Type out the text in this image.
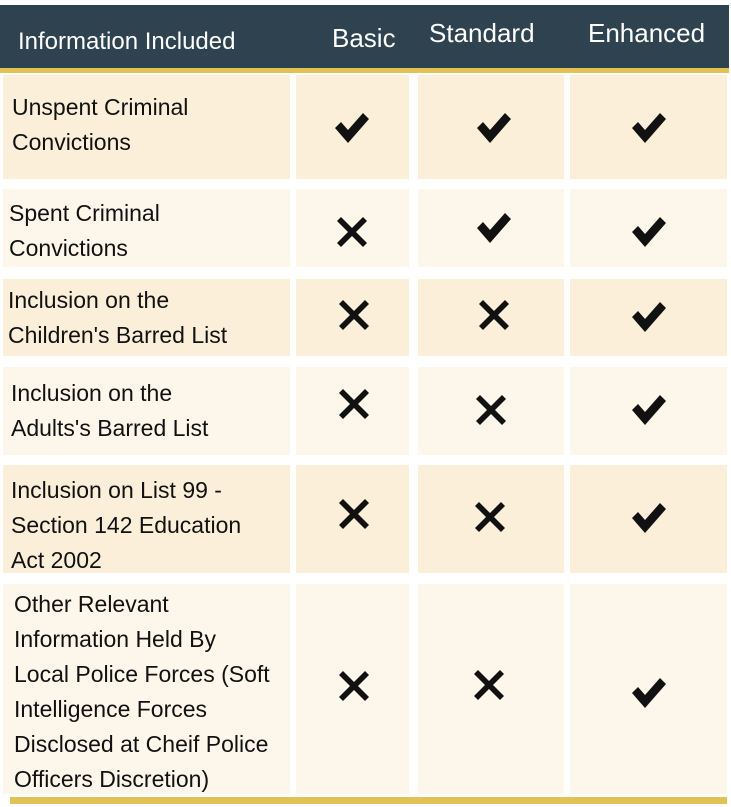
Information Included	Basic Standard Enhanced
Unspent Criminal
Convictions
Spent Criminal
Convictions
Inclusion on the
Children's Barred List
Inclusion on the
Adults's Barred List
Inclusion on List 99 -
Section 142 Education
Act 2002
Other Relevant
Information Held By
Local Police Forces (Soft
Intelligence Forces
Disclosed at Cheif Police
Officers Discretion)
